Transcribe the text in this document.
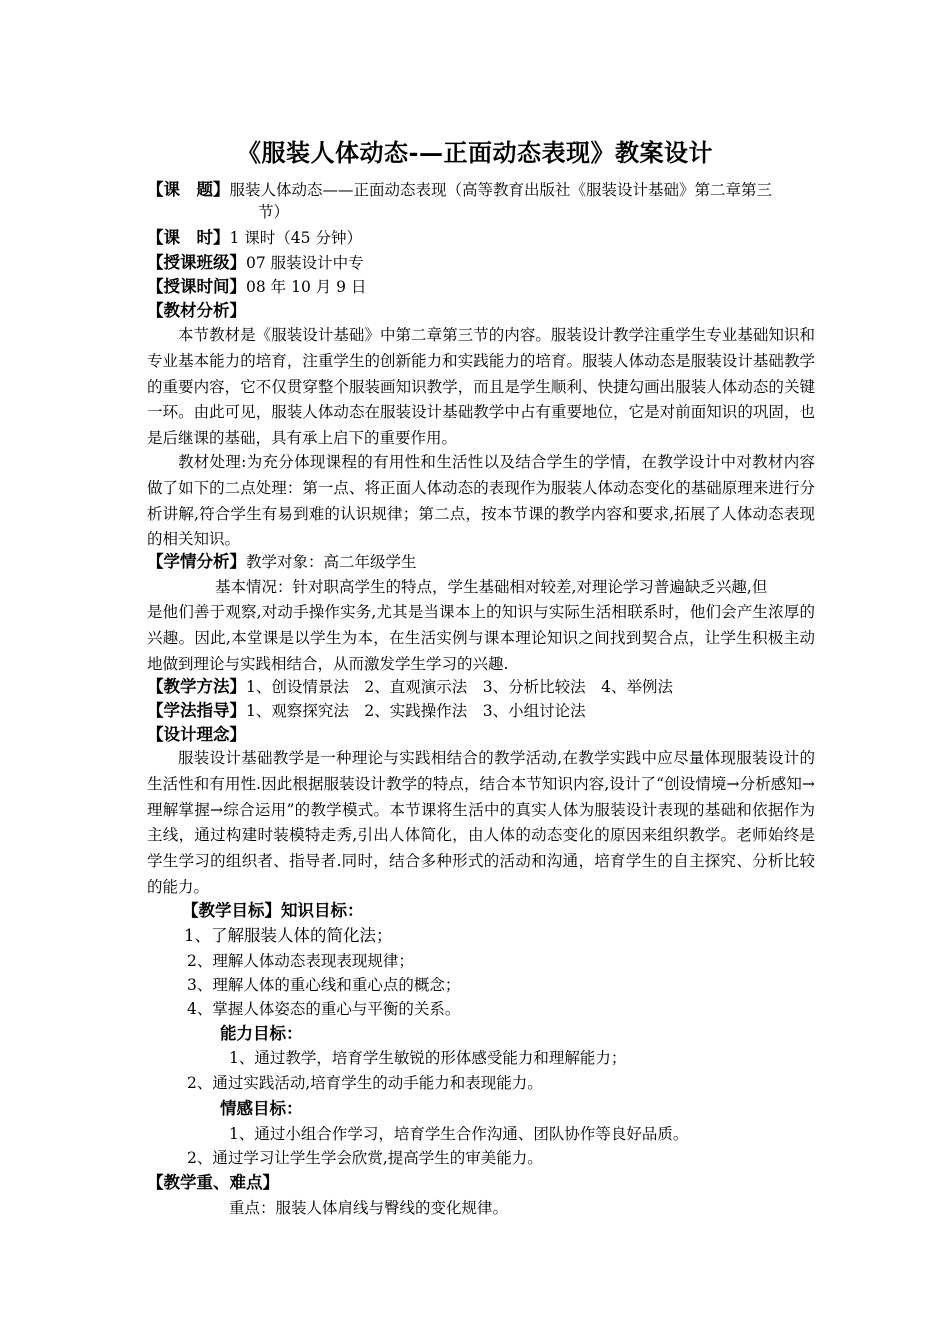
《服装人体动态-—正面动态表现》教案设计
【课　题】服装人体动态——正面动态表现（高等教育出版社《服装设计基础》第二章第三
节）
【课　时】1 课时（45 分钟）
【授课班级】07 服装设计中专
【授课时间】08 年 10 月 9 日
【教材分析】
本节教材是《服装设计基础》中第二章第三节的内容。服装设计教学注重学生专业基础知识和专业基本能力的培育，注重学生的创新能力和实践能力的培育。服装人体动态是服装设计基础教学的重要内容，它不仅贯穿整个服装画知识教学，而且是学生顺利、快捷勾画出服装人体动态的关键一环。由此可见，服装人体动态在服装设计基础教学中占有重要地位，它是对前面知识的巩固，也是后继课的基础，具有承上启下的重要作用。
教材处理:为充分体现课程的有用性和生活性以及结合学生的学情，在教学设计中对教材内容做了如下的二点处理：第一点、将正面人体动态的表现作为服装人体动态变化的基础原理来进行分析讲解,符合学生有易到难的认识规律；第二点，按本节课的教学内容和要求,拓展了人体动态表现的相关知识。
【学情分析】教学对象：高二年级学生
基本情况：针对职高学生的特点，学生基础相对较差,对理论学习普遍缺乏兴趣,但
是他们善于观察,对动手操作实务,尤其是当课本上的知识与实际生活相联系时，他们会产生浓厚的兴趣。因此,本堂课是以学生为本，在生活实例与课本理论知识之间找到契合点，让学生积极主动地做到理论与实践相结合，从而激发学生学习的兴趣.
【教学方法】1、创设情景法　2、直观演示法　3、分析比较法　4、举例法
【学法指导】1、观察探究法　2、实践操作法　3、小组讨论法
【设计理念】
服装设计基础教学是一种理论与实践相结合的教学活动,在教学实践中应尽量体现服装设计的生活性和有用性.因此根据服装设计教学的特点，结合本节知识内容,设计了“创设情境→分析感知→理解掌握→综合运用”的教学模式。本节课将生活中的真实人体为服装设计表现的基础和依据作为主线，通过构建时装模特走秀,引出人体简化，由人体的动态变化的原因来组织教学。老师始终是学生学习的组织者、指导者.同时，结合多种形式的活动和沟通，培育学生的自主探究、分析比较的能力。
【教学目标】知识目标：
1、了解服装人体的简化法；
2、理解人体动态表现表现规律；
3、理解人体的重心线和重心点的概念；
4、掌握人体姿态的重心与平衡的关系。
能力目标：
1、通过教学，培育学生敏锐的形体感受能力和理解能力；
2、通过实践活动,培育学生的动手能力和表现能力。
情感目标：
1、通过小组合作学习，培育学生合作沟通、团队协作等良好品质。
2、通过学习让学生学会欣赏,提高学生的审美能力。
【教学重、难点】
重点：服装人体肩线与臀线的变化规律。
